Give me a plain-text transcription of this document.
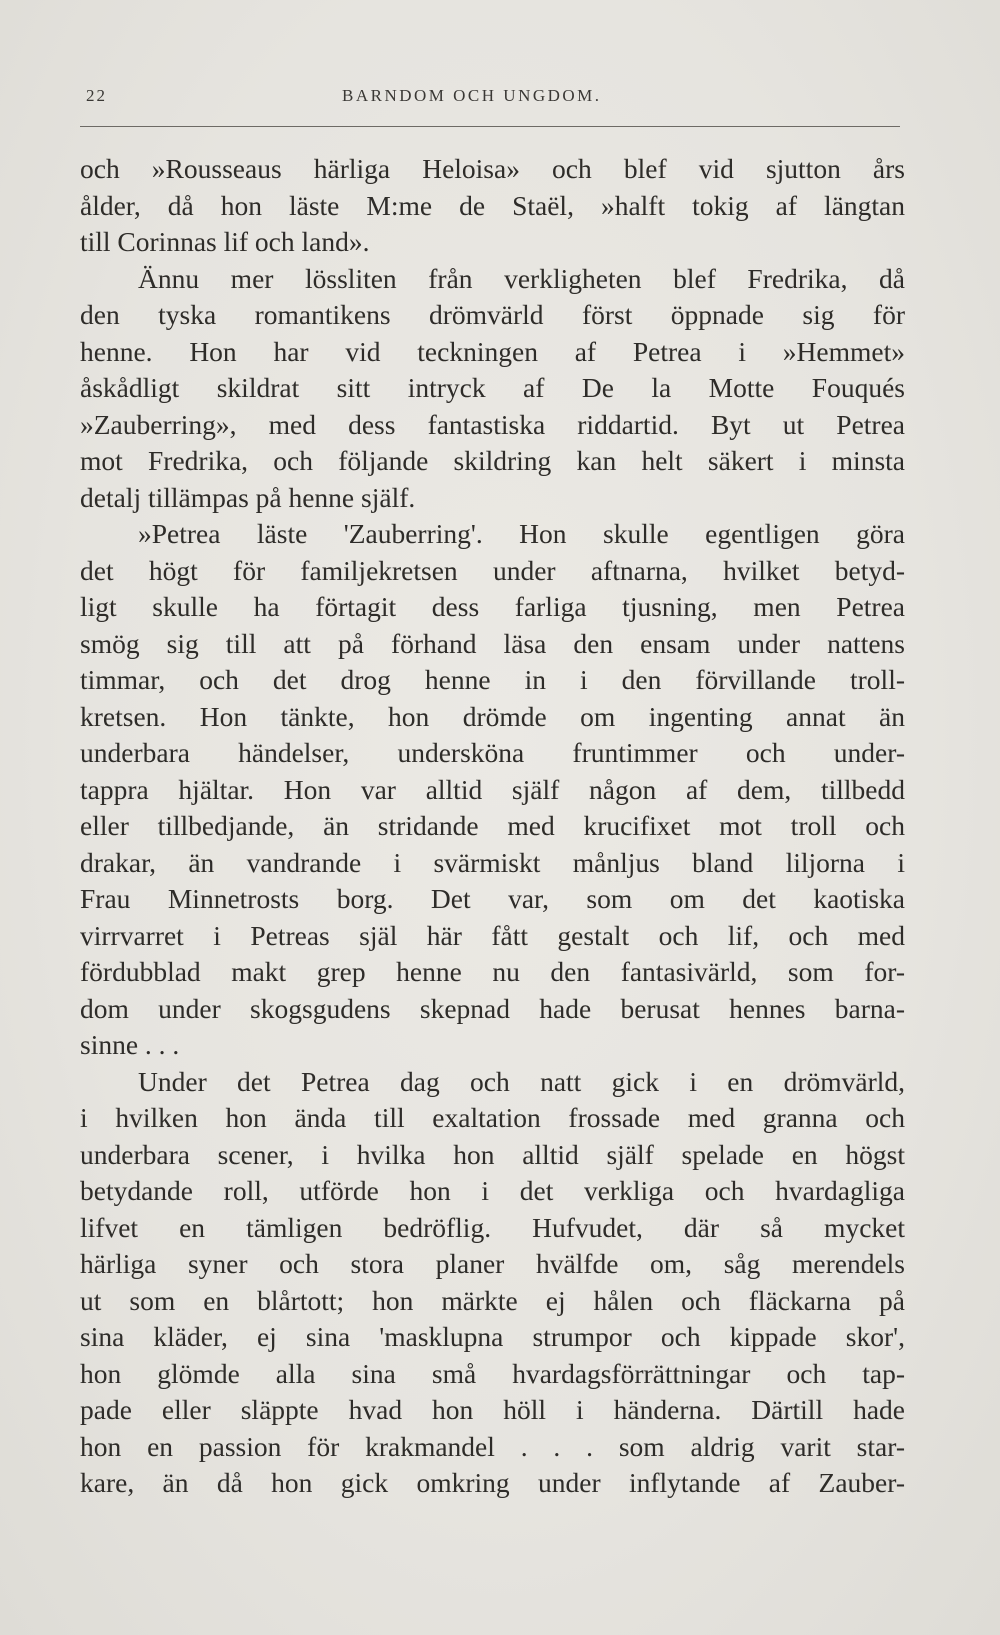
22	BARNDOM OCH UNGDOM.
och »Rousseaus härliga Heloisa» och blef vid sjutton års
ålder, då hon läste M:me de Staël, »halft tokig af längtan
till Corinnas lif och land».
Ännu mer lössliten från verkligheten blef Fredrika, då
den tyska romantikens drömvärld först öppnade sig för
henne. Hon har vid teckningen af Petrea i »Hemmet»
åskådligt skildrat sitt intryck af De la Motte Fouqués
»Zauberring», med dess fantastiska riddartid. Byt ut Petrea
mot Fredrika, och följande skildring kan helt säkert i minsta
detalj tillämpas på henne själf.
»Petrea läste 'Zauberring'. Hon skulle egentligen göra
det högt för familjekretsen under aftnarna, hvilket betyd-
ligt skulle ha förtagit dess farliga tjusning, men Petrea
smög sig till att på förhand läsa den ensam under nattens
timmar, och det drog henne in i den förvillande troll-
kretsen. Hon tänkte, hon drömde om ingenting annat än
underbara händelser, undersköna fruntimmer och under-
tappra hjältar. Hon var alltid själf någon af dem, tillbedd
eller tillbedjande, än stridande med krucifixet mot troll och
drakar, än vandrande i svärmiskt månljus bland liljorna i
Frau Minnetrosts borg. Det var, som om det kaotiska
virrvarret i Petreas själ här fått gestalt och lif, och med
fördubblad makt grep henne nu den fantasivärld, som for-
dom under skogsgudens skepnad hade berusat hennes barna-
sinne . . .
Under det Petrea dag och natt gick i en drömvärld,
i hvilken hon ända till exaltation frossade med granna och
underbara scener, i hvilka hon alltid själf spelade en högst
betydande roll, utförde hon i det verkliga och hvardagliga
lifvet en tämligen bedröflig. Hufvudet, där så mycket
härliga syner och stora planer hvälfde om, såg merendels
ut som en blårtott; hon märkte ej hålen och fläckarna på
sina kläder, ej sina 'masklupna strumpor och kippade skor',
hon glömde alla sina små hvardagsförrättningar och tap-
pade eller släppte hvad hon höll i händerna. Därtill hade
hon en passion för krakmandel . . . som aldrig varit star-
kare, än då hon gick omkring under inflytande af Zauber-
